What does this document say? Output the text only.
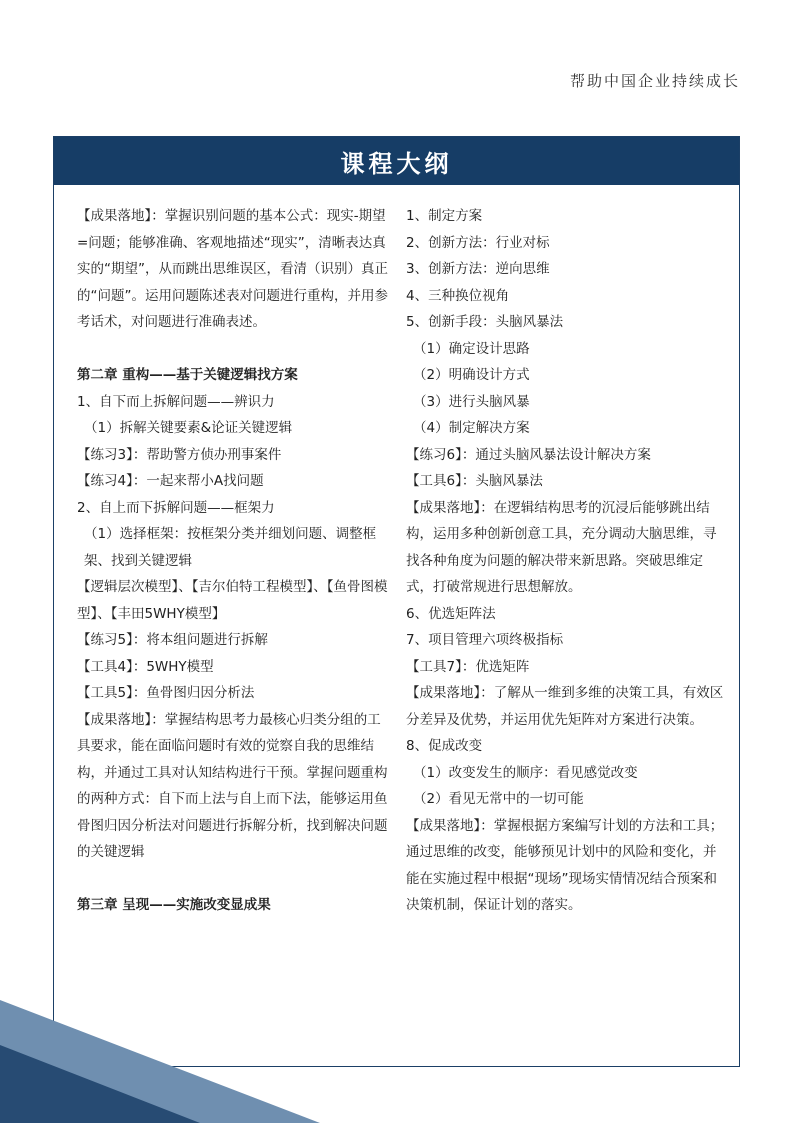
帮助中国企业持续成长
课程大纲

【成果落地】：掌握识别问题的基本公式：现实-期望=问题；能够准确、客观地描述“现实”，清晰表达真实的“期望”，从而跳出思维误区，看清（识别）真正的“问题”。运用问题陈述表对问题进行重构，并用参考话术，对问题进行准确表述。

第二章 重构——基于关键逻辑找方案

1、自下而上拆解问题——辨识力

（1）拆解关键要素&论证关键逻辑

【练习3】：帮助警方侦办刑事案件

【练习4】：一起来帮小A找问题

2、自上而下拆解问题——框架力

（1）选择框架：按框架分类并细划问题、调整框架、找到关键逻辑

【逻辑层次模型】、【吉尔伯特工程模型】、【鱼骨图模型】、【丰田5WHY模型】

【练习5】：将本组问题进行拆解

【工具4】：5WHY模型

【工具5】：鱼骨图归因分析法

【成果落地】：掌握结构思考力最核心归类分组的工具要求，能在面临问题时有效的觉察自我的思维结构，并通过工具对认知结构进行干预。掌握问题重构的两种方式：自下而上法与自上而下法，能够运用鱼骨图归因分析法对问题进行拆解分析，找到解决问题的关键逻辑

第三章 呈现——实施改变显成果

1、制定方案

2、创新方法：行业对标

3、创新方法：逆向思维

4、三种换位视角

5、创新手段：头脑风暴法

（1）确定设计思路

（2）明确设计方式

（3）进行头脑风暴

（4）制定解决方案

【练习6】：通过头脑风暴法设计解决方案

【工具6】：头脑风暴法

【成果落地】：在逻辑结构思考的沉浸后能够跳出结构，运用多种创新创意工具，充分调动大脑思维，寻找各种角度为问题的解决带来新思路。突破思维定式，打破常规进行思想解放。

6、优选矩阵法

7、项目管理六项终极指标

【工具7】：优选矩阵

【成果落地】：了解从一维到多维的决策工具，有效区分差异及优势，并运用优先矩阵对方案进行决策。

8、促成改变

（1）改变发生的顺序：看见感觉改变

（2）看见无常中的一切可能

【成果落地】：掌握根据方案编写计划的方法和工具；通过思维的改变，能够预见计划中的风险和变化，并能在实施过程中根据“现场”现场实情情况结合预案和决策机制，保证计划的落实。
